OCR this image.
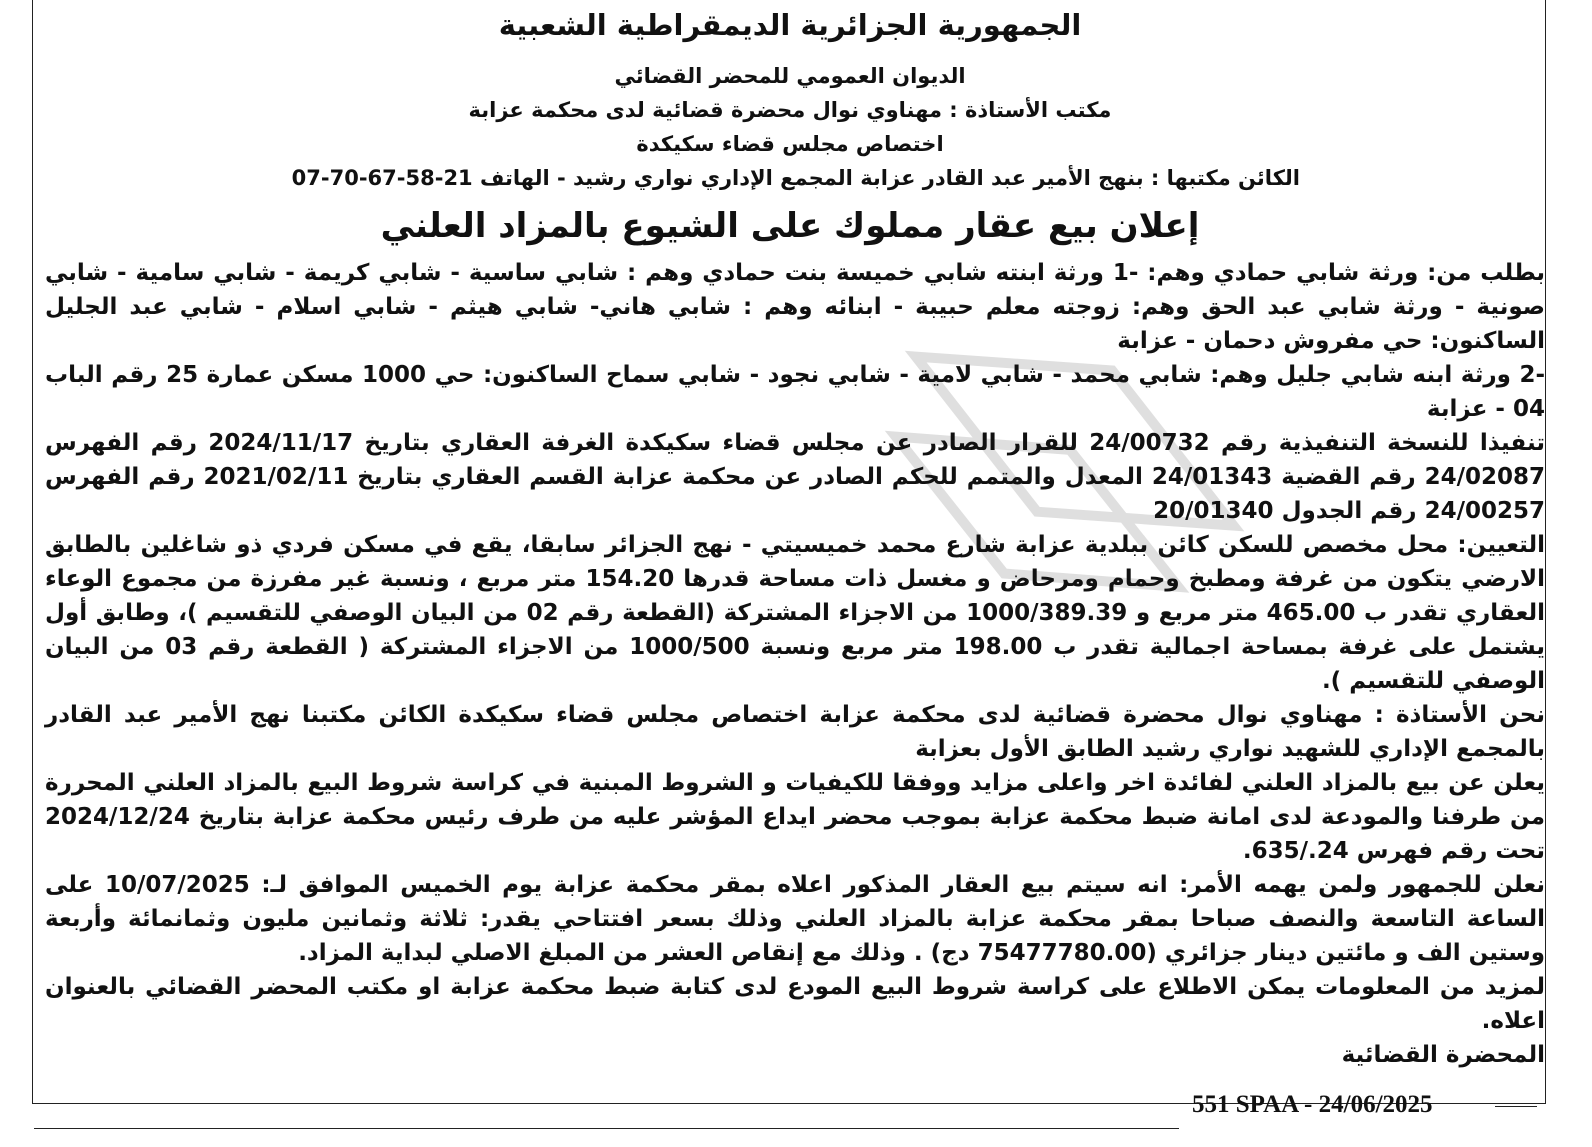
الجمهورية الجزائرية الديمقراطية الشعبية
الديوان العمومي للمحضر القضائي
مكتب الأستاذة : مهناوي نوال محضرة قضائية لدى محكمة عزابة
اختصاص مجلس قضاء سكيكدة
الكائن مكتبها : بنهج الأمير عبد القادر عزابة المجمع الإداري نواري رشيد - الهاتف 21-58-67-70-07
إعلان بيع عقار مملوك على الشيوع بالمزاد العلني

بطلب من: ورثة شابي حمادي وهم: -1 ورثة ابنته شابي خميسة بنت حمادي وهم : شابي ساسية - شابي كريمة - شابي سامية - شابي صونية - ورثة شابي عبد الحق وهم: زوجته معلم حبيبة - ابنائه وهم : شابي هاني- شابي هيثم - شابي اسلام - شابي عبد الجليل الساكنون: حي مفروش دحمان - عزابة

-2 ورثة ابنه شابي جليل وهم: شابي محمد - شابي لامية - شابي نجود - شابي سماح الساكنون: حي 1000 مسكن عمارة 25 رقم الباب 04 - عزابة

تنفيذا للنسخة التنفيذية رقم 24/00732 للقرار الصادر عن مجلس قضاء سكيكدة الغرفة العقاري بتاريخ 2024/11/17 رقم الفهرس 24/02087 رقم القضية 24/01343 المعدل والمتمم للحكم الصادر عن محكمة عزابة القسم العقاري بتاريخ 2021/02/11 رقم الفهرس 24/00257 رقم الجدول 20/01340

التعيين: محل مخصص للسكن كائن ببلدية عزابة شارع محمد خميسيتي - نهج الجزائر سابقا، يقع في مسكن فردي ذو شاغلين بالطابق الارضي يتكون من غرفة ومطبخ وحمام ومرحاض و مغسل ذات مساحة قدرها 154.20 متر مربع ، ونسبة غير مفرزة من مجموع الوعاء العقاري تقدر ب 465.00 متر مربع و 1000/389.39 من الاجزاء المشتركة (القطعة رقم 02 من البيان الوصفي للتقسيم )، وطابق أول يشتمل على غرفة بمساحة اجمالية تقدر ب 198.00 متر مربع ونسبة 1000/500 من الاجزاء المشتركة ( القطعة رقم 03 من البيان الوصفي للتقسيم ).

نحن الأستاذة : مهناوي نوال محضرة قضائية لدى محكمة عزابة اختصاص مجلس قضاء سكيكدة الكائن مكتبنا نهج الأمير عبد القادر بالمجمع الإداري للشهيد نواري رشيد الطابق الأول بعزابة

يعلن عن بيع بالمزاد العلني لفائدة اخر واعلى مزايد ووفقا للكيفيات و الشروط المبنية في كراسة شروط البيع بالمزاد العلني المحررة من طرفنا والمودعة لدى امانة ضبط محكمة عزابة بموجب محضر ايداع المؤشر عليه من طرف رئيس محكمة عزابة بتاريخ 2024/12/24 تحت رقم فهرس 24./635.

نعلن للجمهور ولمن يهمه الأمر: انه سيتم بيع العقار المذكور اعلاه بمقر محكمة عزابة يوم الخميس الموافق لـ: 10/07/2025 على الساعة التاسعة والنصف صباحا بمقر محكمة عزابة بالمزاد العلني وذلك بسعر افتتاحي يقدر: ثلاثة وثمانين مليون وثمانمائة وأربعة وستين الف و مائتين دينار جزائري (75477780.00 دج) . وذلك مع إنقاص العشر من المبلغ الاصلي لبداية المزاد.

لمزيد من المعلومات يمكن الاطلاع على كراسة شروط البيع المودع لدى كتابة ضبط محكمة عزابة او مكتب المحضر القضائي بالعنوان اعلاه.

المحضرة القضائية

551 SPAA - 24/06/2025
